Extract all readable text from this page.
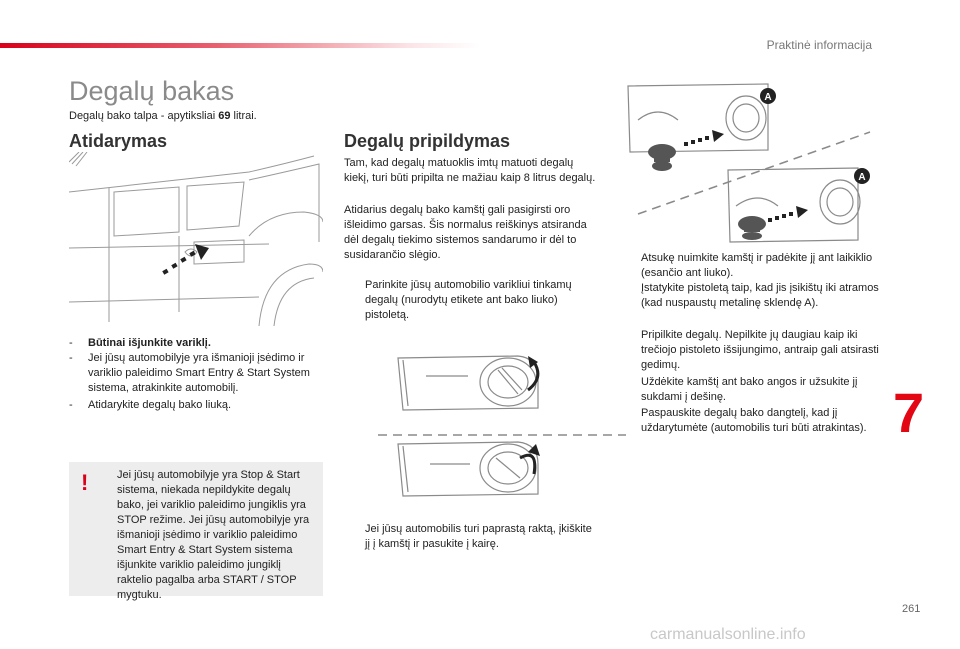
Praktinė informacija
Degalų bakas
Degalų bako talpa - apytiksliai 69 litrai.
Atidarymas
-	Būtinai išjunkite variklį.
-	Jei jūsų automobilyje yra išmanioji įsėdimo ir variklio paleidimo Smart Entry & Start System sistema, atrakinkite automobilį.
-	Atidarykite degalų bako liuką.
!	Jei jūsų automobilyje yra Stop & Start sistema, niekada nepildykite degalų bako, jei variklio paleidimo jungiklis yra STOP režime. Jei jūsų automobilyje yra išmanioji įsėdimo ir variklio paleidimo Smart Entry & Start System sistema išjunkite variklio paleidimo jungiklį raktelio pagalba arba START / STOP mygtuku.
Degalų pripildymas

Tam, kad degalų matuoklis imtų matuoti degalų kiekį, turi būti pripilta ne mažiau kaip 8 litrus degalų.

Atidarius degalų bako kamštį gali pasigirsti oro išleidimo garsas. Šis normalus reiškinys atsiranda dėl degalų tiekimo sistemos sandarumo ir dėl to susidarančio slėgio.

Parinkite jūsų automobilio varikliui tinkamų degalų (nurodytų etikete ant bako liuko) pistoletą.
Jei jūsų automobilis turi paprastą raktą, įkiškite jį į kamštį ir pasukite į kairę.
A
A
Atsukę nuimkite kamštį ir padėkite jį ant laikiklio (esančio ant liuko).
Įstatykite pistoletą taip, kad jis įsikištų iki atramos (kad nuspaustų metalinę sklendę A).
Pripilkite degalų. Nepilkite jų daugiau kaip iki trečiojo pistoleto išsijungimo, antraip gali atsirasti gedimų.
Uždėkite kamštį ant bako angos ir užsukite jį sukdami į dešinę.
Paspauskite degalų bako dangtelį, kad jį uždarytumėte (automobilis turi būti atrakintas). 7
261
carmanualsonline.info
